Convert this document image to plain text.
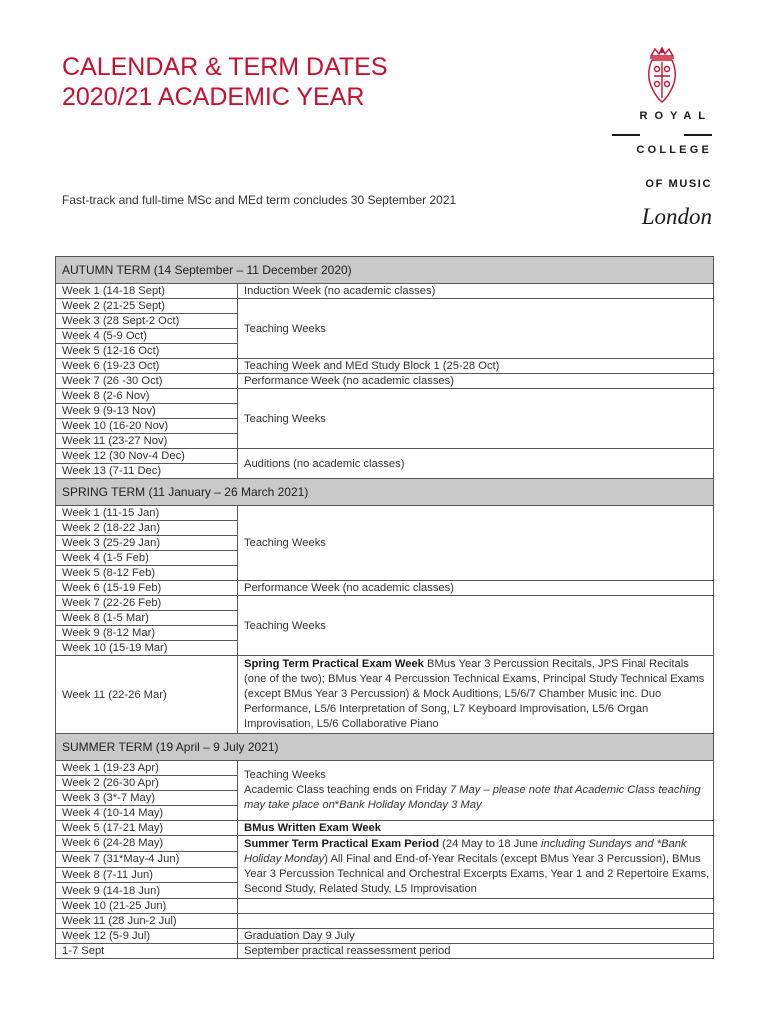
CALENDAR & TERM DATES
2020/21 ACADEMIC YEAR
ROYAL
COLLEGE
OF MUSIC
London
Fast-track and full-time MSc and MEd term concludes 30 September 2021
AUTUMN TERM (14 September – 11 December 2020)	
Week 1 (14-18 Sept)	Induction Week (no academic classes)
Week 2 (21-25 Sept)	Teaching Weeks
Week 3 (28 Sept-2 Oct)	
Week 4 (5-9 Oct)	
Week 5 (12-16 Oct)	
Week 6 (19-23 Oct)	Teaching Week and MEd Study Block 1 (25-28 Oct)
Week 7 (26 -30 Oct)	Performance Week (no academic classes)
Week 8 (2-6 Nov)	Teaching Weeks
Week 9 (9-13 Nov)	
Week 10 (16-20 Nov)	
Week 11 (23-27 Nov)	
Week 12 (30 Nov-4 Dec)	Auditions (no academic classes)
Week 13 (7-11 Dec)	
SPRING TERM (11 January – 26 March 2021)	
Week 1 (11-15 Jan)	Teaching Weeks
Week 2 (18-22 Jan)	
Week 3 (25-29 Jan)	
Week 4 (1-5 Feb)	
Week 5 (8-12 Feb)	
Week 6 (15-19 Feb)	Performance Week (no academic classes)
Week 7 (22-26 Feb)	Teaching Weeks
Week 8 (1-5 Mar)	
Week 9 (8-12 Mar)	
Week 10 (15-19 Mar)	
Week 11 (22-26 Mar)	Spring Term Practical Exam Week BMus Year 3 Percussion Recitals, JPS Final Recitals (one of the two); BMus Year 4 Percussion Technical Exams, Principal Study Technical Exams (except BMus Year 3 Percussion) & Mock Auditions, L5/6/7 Chamber Music inc. Duo Performance, L5/6 Interpretation of Song, L7 Keyboard Improvisation, L5/6 Organ Improvisation, L5/6 Collaborative Piano
SUMMER TERM (19 April – 9 July 2021)	
Week 1 (19-23 Apr)	Teaching Weeks
Academic Class teaching ends on Friday 7 May – please note that Academic Class teaching may take place on*Bank Holiday Monday 3 May
Week 2 (26-30 Apr)	
Week 3 (3*-7 May)	
Week 4 (10-14 May)	
Week 5 (17-21 May)	BMus Written Exam Week
Week 6 (24-28 May)	Summer Term Practical Exam Period (24 May to 18 June including Sundays and *Bank Holiday Monday) All Final and End-of-Year Recitals (except BMus Year 3 Percussion), BMus Year 3 Percussion Technical and Orchestral Excerpts Exams, Year 1 and 2 Repertoire Exams, Second Study, Related Study, L5 Improvisation
Week 7 (31*May-4 Jun)	
Week 8 (7-11 Jun)	
Week 9 (14-18 Jun)	
Week 10 (21-25 Jun)	
Week 11 (28 Jun-2 Jul)	
Week 12 (5-9 Jul)	Graduation Day 9 July
1-7 Sept	September practical reassessment period
